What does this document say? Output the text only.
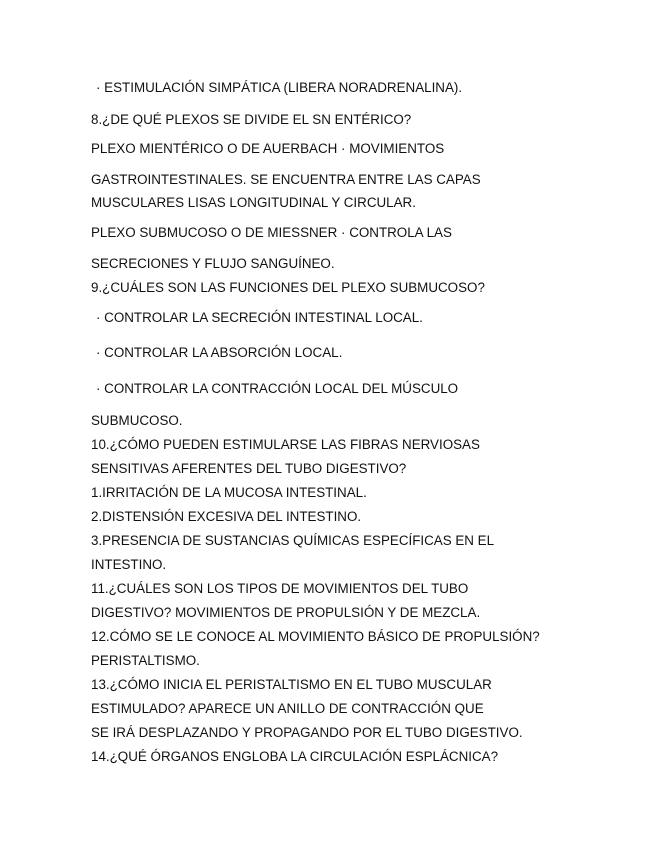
· ESTIMULACIÓN SIMPÁTICA (LIBERA NORADRENALINA).

8.¿DE QUÉ PLEXOS SE DIVIDE EL SN ENTÉRICO?

PLEXO MIENTÉRICO O DE AUERBACH · MOVIMIENTOS

GASTROINTESTINALES. SE ENCUENTRA ENTRE LAS CAPAS

MUSCULARES LISAS LONGITUDINAL Y CIRCULAR.

PLEXO SUBMUCOSO O DE MIESSNER · CONTROLA LAS

SECRECIONES Y FLUJO SANGUÍNEO.

9.¿CUÁLES SON LAS FUNCIONES DEL PLEXO SUBMUCOSO?

· CONTROLAR LA SECRECIÓN INTESTINAL LOCAL.

· CONTROLAR LA ABSORCIÓN LOCAL.

· CONTROLAR LA CONTRACCIÓN LOCAL DEL MÚSCULO

SUBMUCOSO.

10.¿CÓMO PUEDEN ESTIMULARSE LAS FIBRAS NERVIOSAS

SENSITIVAS AFERENTES DEL TUBO DIGESTIVO?

1.IRRITACIÓN DE LA MUCOSA INTESTINAL.

2.DISTENSIÓN EXCESIVA DEL INTESTINO.

3.PRESENCIA DE SUSTANCIAS QUÍMICAS ESPECÍFICAS EN EL

INTESTINO.

11.¿CUÁLES SON LOS TIPOS DE MOVIMIENTOS DEL TUBO

DIGESTIVO? MOVIMIENTOS DE PROPULSIÓN Y DE MEZCLA.

12.CÓMO SE LE CONOCE AL MOVIMIENTO BÁSICO DE PROPULSIÓN?

PERISTALTISMO.

13.¿CÓMO INICIA EL PERISTALTISMO EN EL TUBO MUSCULAR

ESTIMULADO? APARECE UN ANILLO DE CONTRACCIÓN QUE

SE IRÁ DESPLAZANDO Y PROPAGANDO POR EL TUBO DIGESTIVO.

14.¿QUÉ ÓRGANOS ENGLOBA LA CIRCULACIÓN ESPLÁCNICA?
